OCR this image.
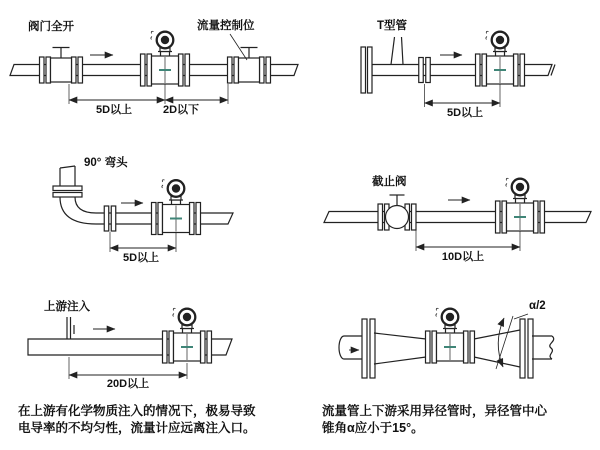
阀门全开	流量控制位
5D以上	2D以下
T型管
5D以上
90° 弯头
5D以上
截止阀
10D以上
上游注入
20D以上
α/2
在上游有化学物质注入的情况下，极易导致
电导率的不均匀性，流量计应远离注入口。
流量管上下游采用异径管时，异径管中心
锥角α应小于15°。
